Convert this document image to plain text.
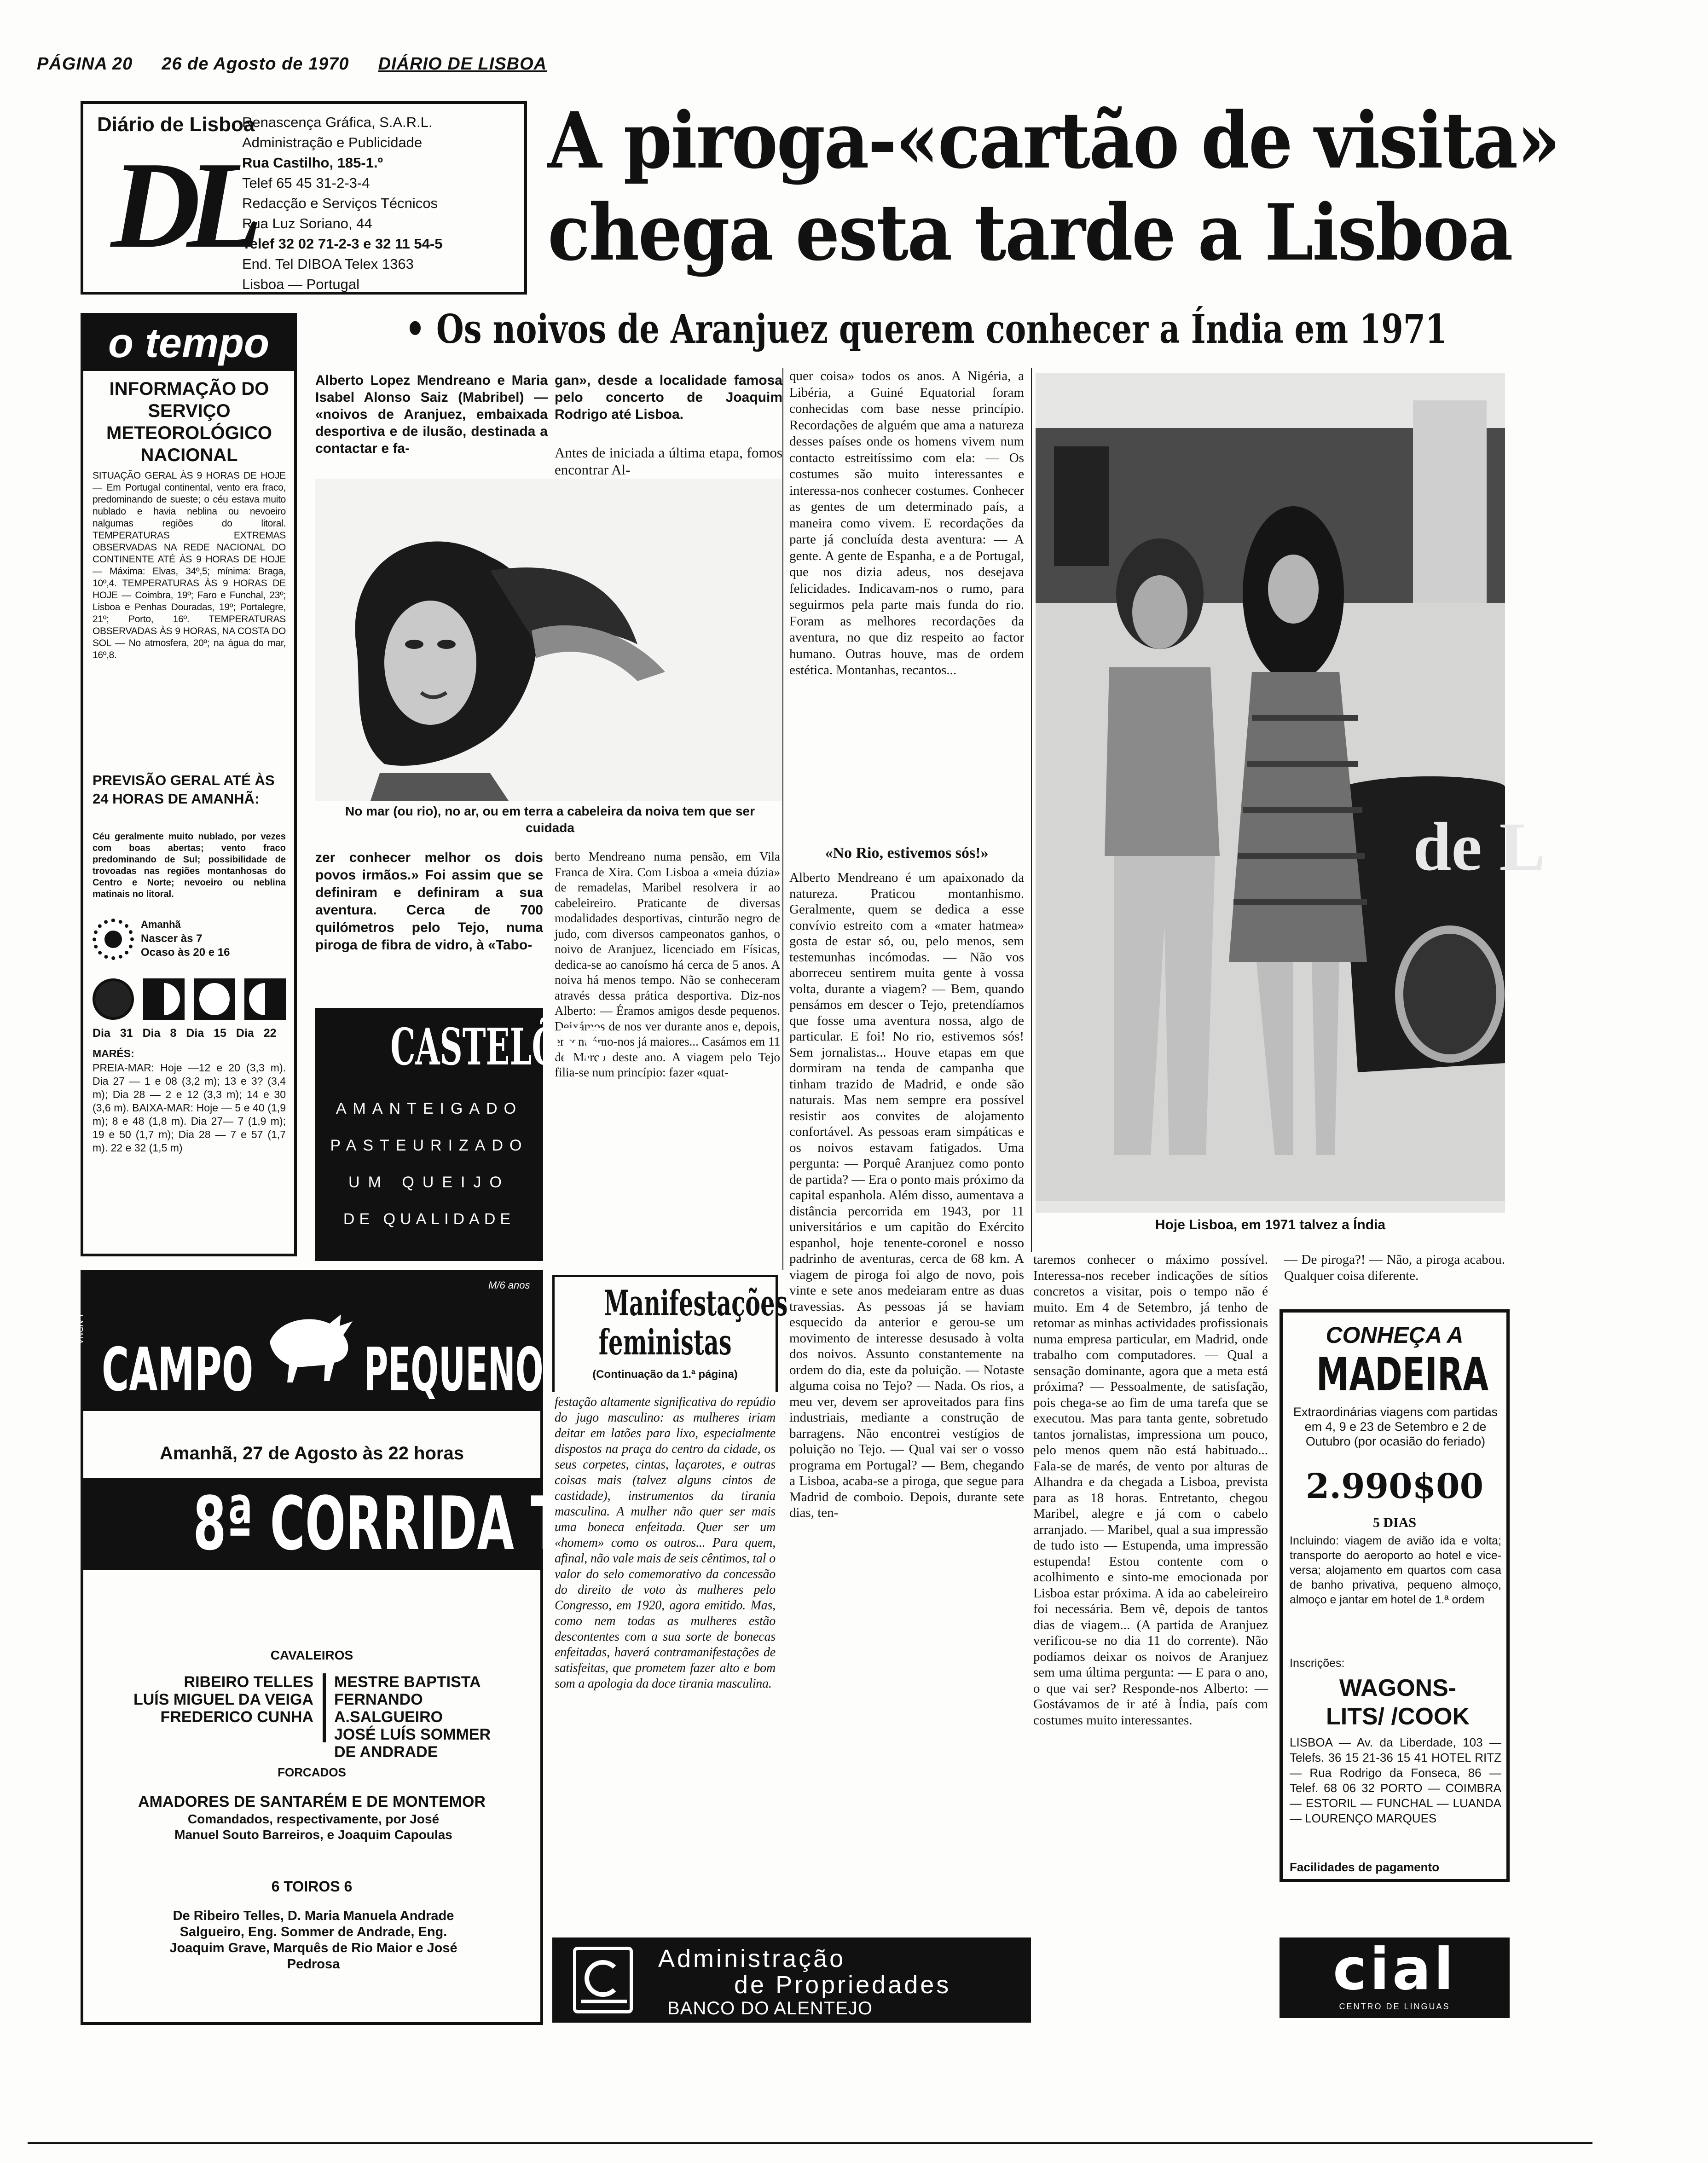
PÁGINA 20 26 de Agosto de 1970 DIÁRIO DE LISBOA
Diário de Lisboa
DL
Renascença Gráfica, S.A.R.L.
Administração e Publicidade
Rua Castilho, 185-1.º
Telef 65 45 31-2-3-4
Redacção e Serviços Técnicos
Rua Luz Soriano, 44
Telef 32 02 71-2-3 e 32 11 54-5
End. Tel DIBOA Telex 1363
Lisboa — Portugal
A piroga-«cartão de visita»
chega esta tarde a Lisboa
• Os noivos de Aranjuez querem conhecer a Índia em 1971
o tempo
INFORMAÇÃO DO SERVIÇO METEOROLÓGICO NACIONAL
SITUAÇÃO GERAL ÀS 9 HORAS DE HOJE — Em Portugal continental, vento era fraco, predominando de sueste; o céu estava muito nublado e havia neblina ou nevoeiro nalgumas regiões do litoral. TEMPERATURAS EXTREMAS OBSERVADAS NA REDE NACIONAL DO CONTINENTE ATÉ ÀS 9 HORAS DE HOJE — Máxima: Elvas, 34º,5; mínima: Braga, 10º,4. TEMPERATURAS ÀS 9 HORAS DE HOJE — Coimbra, 19º; Faro e Funchal, 23º; Lisboa e Penhas Douradas, 19º; Portalegre, 21º; Porto, 16º. TEMPERATURAS OBSERVADAS ÀS 9 HORAS, NA COSTA DO SOL — No atmosfera, 20º; na água do mar, 16º,8.
PREVISÃO GERAL ATÉ ÀS 24 HORAS DE AMANHÃ:
Céu geralmente muito nublado, por vezes com boas abertas; vento fraco predominando de Sul; possibilidade de trovoadas nas regiões montanhosas do Centro e Norte; nevoeiro ou neblina matinais no litoral.
Amanhã
Nascer às 7
Ocaso às 20 e 16
Dia 31 Dia 8 Dia 15 Dia 22
MARÉS:
PREIA-MAR: Hoje —12 e 20 (3,3 m). Dia 27 — 1 e 08 (3,2 m); 13 e 3? (3,4 m); Dia 28 — 2 e 12 (3,3 m); 14 e 30 (3,6 m). BAIXA-MAR: Hoje — 5 e 40 (1,9 m); 8 e 48 (1,8 m). Dia 27— 7 (1,9 m); 19 e 50 (1,7 m); Dia 28 — 7 e 57 (1,7 m). 22 e 32 (1,5 m)
Alberto Lopez Mendreano e Maria Isabel Alonso Saiz (Mabribel) — «noivos de Aranjuez, embaixada desportiva e de ilusão, destinada a contactar e fa-
gan», desde a localidade famosa pelo concerto de Joaquim Rodrigo até Lisboa.
Antes de iniciada a última etapa, fomos encontrar Al-
No mar (ou rio), no ar, ou em terra a cabeleira da noiva tem que ser cuidada
zer conhecer melhor os dois povos irmãos.» Foi assim que se definiram e definiram a sua aventura. Cerca de 700 quilómetros pelo Tejo, numa piroga de fibra de vidro, à «Tabo-
berto Mendreano numa pensão, em Vila Franca de Xira. Com Lisboa a «meia dúzia» de remadelas, Maribel resolvera ir ao cabeleireiro. Praticante de diversas modalidades desportivas, cinturão negro de judo, com diversos campeonatos ganhos, o noivo de Aranjuez, licenciado em Físicas, dedica-se ao canoísmo há cerca de 5 anos. A noiva há menos tempo. Não se conheceram através dessa prática desportiva. Diz-nos Alberto: — Éramos amigos desde pequenos. Deixámos de nos ver durante anos e, depois, encontrámo-nos já maiores... Casámos em 11 de Março deste ano. A viagem pelo Tejo filia-se num princípio: fazer «quat-
CASTELÕES
AMANTEIGADO
PASTEURIZADO
UM QUEIJO
DE QUALIDADE
quer coisa» todos os anos. A Nigéria, a Libéria, a Guiné Equatorial foram conhecidas com base nesse princípio. Recordações de alguém que ama a natureza desses países onde os homens vivem num contacto estreitíssimo com ela: — Os costumes são muito interessantes e interessa-nos conhecer costumes. Conhecer as gentes de um determinado país, a maneira como vivem. E recordações da parte já concluída desta aventura: — A gente. A gente de Espanha, e a de Portugal, que nos dizia adeus, nos desejava felicidades. Indicavam-nos o rumo, para seguirmos pela parte mais funda do rio. Foram as melhores recordações da aventura, no que diz respeito ao factor humano. Outras houve, mas de ordem estética. Montanhas, recantos...
«No Rio, estivemos sós!»
Alberto Mendreano é um apaixonado da natureza. Praticou montanhismo. Geralmente, quem se dedica a esse convívio estreito com a «mater hatmea» gosta de estar só, ou, pelo menos, sem testemunhas incómodas. — Não vos aborreceu sentirem muita gente à vossa volta, durante a viagem? — Bem, quando pensámos em descer o Tejo, pretendíamos que fosse uma aventura nossa, algo de particular. E foi! No rio, estivemos sós! Sem jornalistas... Houve etapas em que dormiram na tenda de campanha que tinham trazido de Madrid, e onde são naturais. Mas nem sempre era possível resistir aos convites de alojamento confortável. As pessoas eram simpáticas e os noivos estavam fatigados. Uma pergunta: — Porquê Aranjuez como ponto de partida? — Era o ponto mais próximo da capital espanhola. Além disso, aumentava a distância percorrida em 1943, por 11 universitários e um capitão do Exército espanhol, hoje tenente-coronel e nosso padrinho de aventuras, cerca de 68 km. A viagem de piroga foi algo de novo, pois vinte e sete anos medeiaram entre as duas travessias. As pessoas já se haviam esquecido da anterior e gerou-se um movimento de interesse desusado à volta dos noivos. Assunto constantemente na ordem do dia, este da poluição. — Notaste alguma coisa no Tejo? — Nada. Os rios, a meu ver, devem ser aproveitados para fins industriais, mediante a construção de barragens. Não encontrei vestígios de poluição no Tejo. — Qual vai ser o vosso programa em Portugal? — Bem, chegando a Lisboa, acaba-se a piroga, que segue para Madrid de comboio. Depois, durante sete dias, ten-
de L
Hoje Lisboa, em 1971 talvez a Índia
taremos conhecer o máximo possível. Interessa-nos receber indicações de sítios concretos a visitar, pois o tempo não é muito. Em 4 de Setembro, já tenho de retomar as minhas actividades profissionais numa empresa particular, em Madrid, onde trabalho com computadores. — Qual a sensação dominante, agora que a meta está próxima? — Pessoalmente, de satisfação, pois chega-se ao fim de uma tarefa que se executou. Mas para tanta gente, sobretudo tantos jornalistas, impressiona um pouco, pelo menos quem não está habituado... Fala-se de marés, de vento por alturas de Alhandra e da chegada a Lisboa, prevista para as 18 horas. Entretanto, chegou Maribel, alegre e já com o cabelo arranjado. — Maribel, qual a sua impressão de tudo isto — Estupenda, uma impressão estupenda! Estou contente com o acolhimento e sinto-me emocionada por Lisboa estar próxima. A ida ao cabeleireiro foi necessária. Bem vê, depois de tantos dias de viagem... (A partida de Aranjuez verificou-se no dia 11 do corrente). Não podíamos deixar os noivos de Aranjuez sem uma última pergunta: — E para o ano, o que vai ser? Responde-nos Alberto: — Gostávamos de ir até à Índia, país com costumes muito interessantes.
— De piroga?! — Não, a piroga acabou. Qualquer coisa diferente.
LAIDNA
M/6 anos
CAMPO	PEQUENO
Amanhã, 27 de Agosto às 22 horas
8ª CORRIDA TV
CAVALEIROS
RIBEIRO TELLES
LUÍS MIGUEL DA VEIGA
FREDERICO CUNHA
MESTRE BAPTISTA
FERNANDO A.SALGUEIRO
JOSÉ LUÍS SOMMER
DE ANDRADE
FORCADOS
AMADORES DE SANTARÉM E DE MONTEMOR
Comandados, respectivamente, por José Manuel Souto Barreiros, e Joaquim Capoulas
6 TOIROS 6
De Ribeiro Telles, D. Maria Manuela Andrade Salgueiro, Eng. Sommer de Andrade, Eng. Joaquim Grave, Marquês de Rio Maior e José Pedrosa
Manifestações
feministas
(Continuação da 1.ª página)
festação altamente significativa do repúdio do jugo masculino: as mulheres iriam deitar em latões para lixo, especialmente dispostos na praça do centro da cidade, os seus corpetes, cintas, laçarotes, e outras coisas mais (talvez alguns cintos de castidade), instrumentos da tirania masculina. A mulher não quer ser mais uma boneca enfeitada. Quer ser um «homem» como os outros... Para quem, afinal, não vale mais de seis cêntimos, tal o valor do selo comemorativo da concessão do direito de voto às mulheres pelo Congresso, em 1920, agora emitido. Mas, como nem todas as mulheres estão descontentes com a sua sorte de bonecas enfeitadas, haverá contramanifestações de satisfeitas, que prometem fazer alto e bom som a apologia da doce tirania masculina.
Administração
de Propriedades
BANCO DO ALENTEJO
CONHEÇA A
MADEIRA
Extraordinárias viagens com partidas em 4, 9 e 23 de Setembro e 2 de Outubro (por ocasião do feriado)
2.990$00
5 DIAS
Incluindo: viagem de avião ida e volta; transporte do aeroporto ao hotel e vice-versa; alojamento em quartos com casa de banho privativa, pequeno almoço, almoço e jantar em hotel de 1.ª ordem
Inscrições:
WAGONS-LITS/ /COOK
LISBOA — Av. da Liberdade, 103 — Telefs. 36 15 21-36 15 41 HOTEL RITZ — Rua Rodrigo da Fonseca, 86 — Telef. 68 06 32 PORTO — COIMBRA — ESTORIL — FUNCHAL — LUANDA — LOURENÇO MARQUES
Facilidades de pagamento
cial
CENTRO DE LINGUAS
